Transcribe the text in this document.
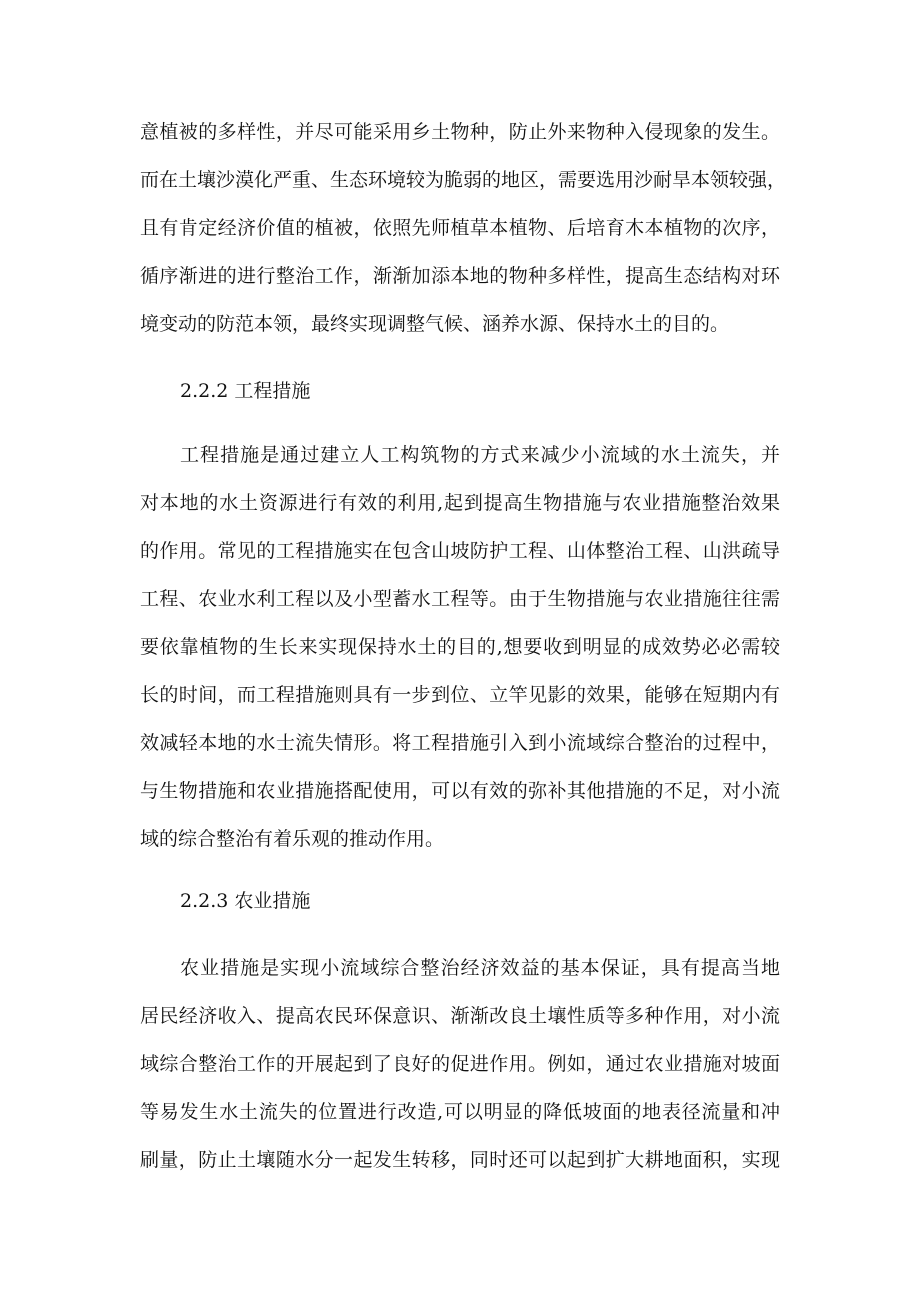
意植被的多样性，并尽可能采用乡土物种，防止外来物种入侵现象的发生。
而在土壤沙漠化严重、生态环境较为脆弱的地区，需要选用沙耐旱本领较强，
且有肯定经济价值的植被，依照先师植草本植物、后培育木本植物的次序，
循序渐进的进行整治工作，渐渐加添本地的物种多样性，提高生态结构对环
境变动的防范本领，最终实现调整气候、涵养水源、保持水土的目的。
2.2.2 工程措施
工程措施是通过建立人工构筑物的方式来减少小流域的水土流失，并
对本地的水土资源进行有效的利用,起到提高生物措施与农业措施整治效果
的作用。常见的工程措施实在包含山坡防护工程、山体整治工程、山洪疏导
工程、农业水利工程以及小型蓄水工程等。由于生物措施与农业措施往往需
要依靠植物的生长来实现保持水土的目的,想要收到明显的成效势必必需较
长的时间，而工程措施则具有一步到位、立竿见影的效果，能够在短期内有
效减轻本地的水士流失情形。将工程措施引入到小流域综合整治的过程中，
与生物措施和农业措施搭配使用，可以有效的弥补其他措施的不足，对小流
域的综合整治有着乐观的推动作用。
2.2.3 农业措施
农业措施是实现小流域综合整治经济效益的基本保证，具有提高当地
居民经济收入、提高农民环保意识、渐渐改良土壤性质等多种作用，对小流
域综合整治工作的开展起到了良好的促进作用。例如，通过农业措施对坡面
等易发生水土流失的位置进行改造,可以明显的降低坡面的地表径流量和冲
刷量，防止土壤随水分一起发生转移，同时还可以起到扩大耕地面积，实现
